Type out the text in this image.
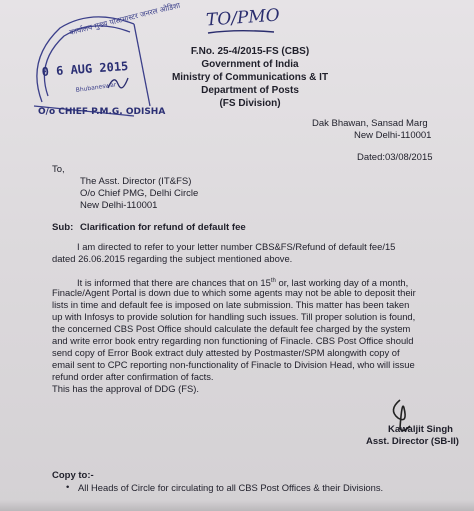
TO/PMO
कार्यालय मुख्य पोस्टमास्टर जनरल ओडिशा
0 6 AUG 2015
Bhubaneswar
O/o CHIEF P.M.G. ODISHA
F.No. 25-4/2015-FS (CBS)
Government of India
Ministry of Communications & IT
Department of Posts
(FS Division)
Dak Bhawan, Sansad Marg
New Delhi-110001
Dated:03/08/2015
To,
The Asst. Director (IT&FS)
O/o Chief PMG, Delhi Circle
New Delhi-110001
Sub: Clarification for refund of default fee
I am directed to refer to your letter number CBS&FS/Refund of default fee/15
dated 26.06.2015 regarding the subject mentioned above.
It is informed that there are chances that on 15th or, last working day of a month,
Finacle/Agent Portal is down due to which some agents may not be able to deposit their
lists in time and default fee is imposed on late submission. This matter has been taken
up with Infosys to provide solution for handling such issues. Till proper solution is found,
the concerned CBS Post Office should calculate the default fee charged by the system
and write error book entry regarding non functioning of Finacle. CBS Post Office should
send copy of Error Book extract duly attested by Postmaster/SPM alongwith copy of
email sent to CPC reporting non-functionality of Finacle to Division Head, who will issue
refund order after confirmation of facts.
This has the approval of DDG (FS).
Kawaljit Singh
Asst. Director (SB-II)
Copy to:-
• All Heads of Circle for circulating to all CBS Post Offices & their Divisions.
